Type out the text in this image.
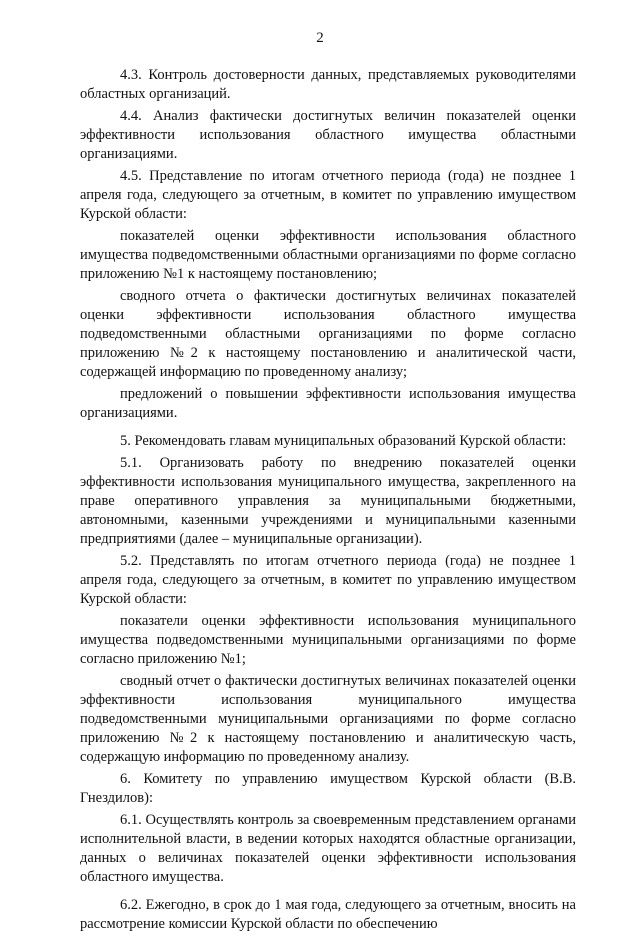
2

4.3. Контроль достоверности данных, представляемых руководителями областных организаций.

4.4. Анализ фактически достигнутых величин показателей оценки эффективности использования областного имущества областными организациями.

4.5. Представление по итогам отчетного периода (года) не позднее 1 апреля года, следующего за отчетным, в комитет по управлению имуществом Курской области:

показателей оценки эффективности использования областного имущества подведомственными областными организациями по форме согласно приложению №1 к настоящему постановлению;

сводного отчета о фактически достигнутых величинах показателей оценки эффективности использования областного имущества подведомственными областными организациями по форме согласно приложению №2 к настоящему постановлению и аналитической части, содержащей информацию по проведенному анализу;

предложений о повышении эффективности использования имущества организациями.

5. Рекомендовать главам муниципальных образований Курской области:

5.1. Организовать работу по внедрению показателей оценки эффективности использования муниципального имущества, закрепленного на праве оперативного управления за муниципальными бюджетными, автономными, казенными учреждениями и муниципальными казенными предприятиями (далее – муниципальные организации).

5.2. Представлять по итогам отчетного периода (года) не позднее 1 апреля года, следующего за отчетным, в комитет по управлению имуществом Курской области:

показатели оценки эффективности использования муниципального имущества подведомственными муниципальными организациями по форме согласно приложению №1;

сводный отчет о фактически достигнутых величинах показателей оценки эффективности использования муниципального имущества подведомственными муниципальными организациями по форме согласно приложению №2 к настоящему постановлению и аналитическую часть, содержащую информацию по проведенному анализу.

6. Комитету по управлению имуществом Курской области (В.В. Гнездилов):

6.1. Осуществлять контроль за своевременным представлением органами исполнительной власти, в ведении которых находятся областные организации, данных о величинах показателей оценки эффективности использования областного имущества.

6.2. Ежегодно, в срок до 1 мая года, следующего за отчетным, вносить на рассмотрение комиссии Курской области по обеспечению
